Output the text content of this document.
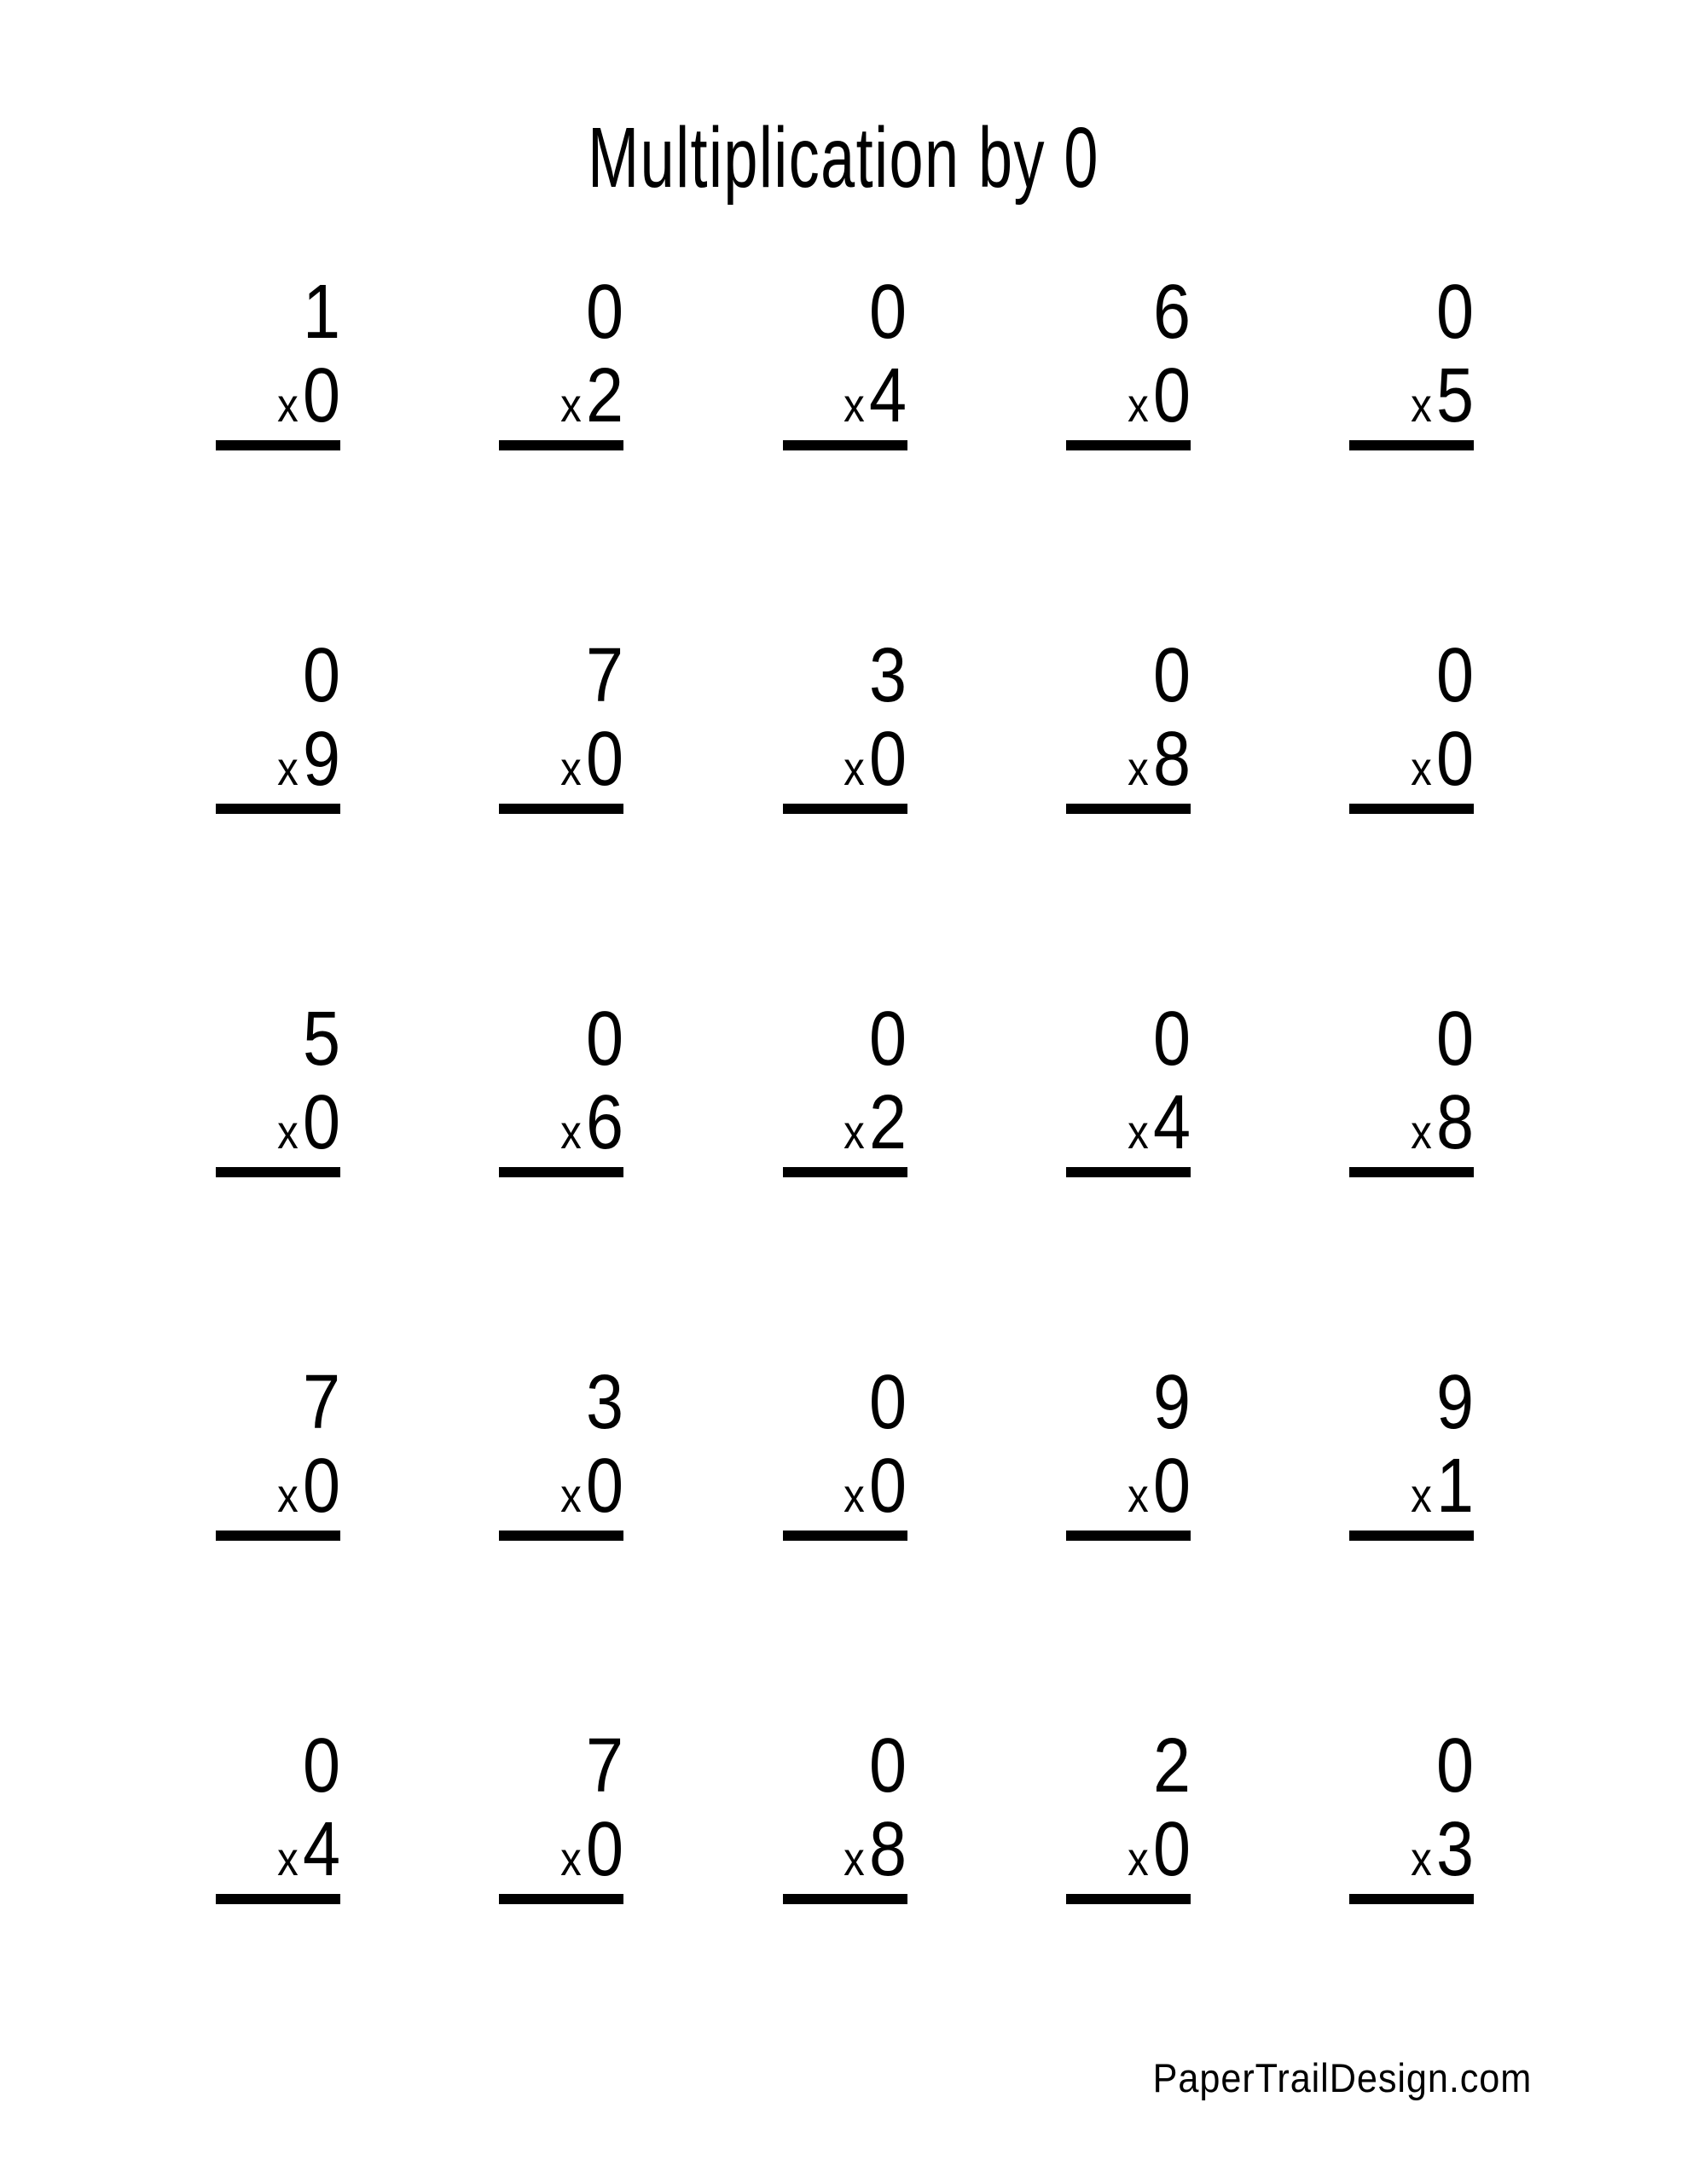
Multiplication by 0
1
x 0
0
x 2
0
x 4
6
x 0
0
x 5
0
x 9
7
x 0
3
x 0
0
x 8
0
x 0
5
x 0
0
x 6
0
x 2
0
x 4
0
x 8
7
x 0
3
x 0
0
x 0
9
x 0
9
x 1
0
x 4
7
x 0
0
x 8
2
x 0
0
x 3
PaperTrailDesign.com
